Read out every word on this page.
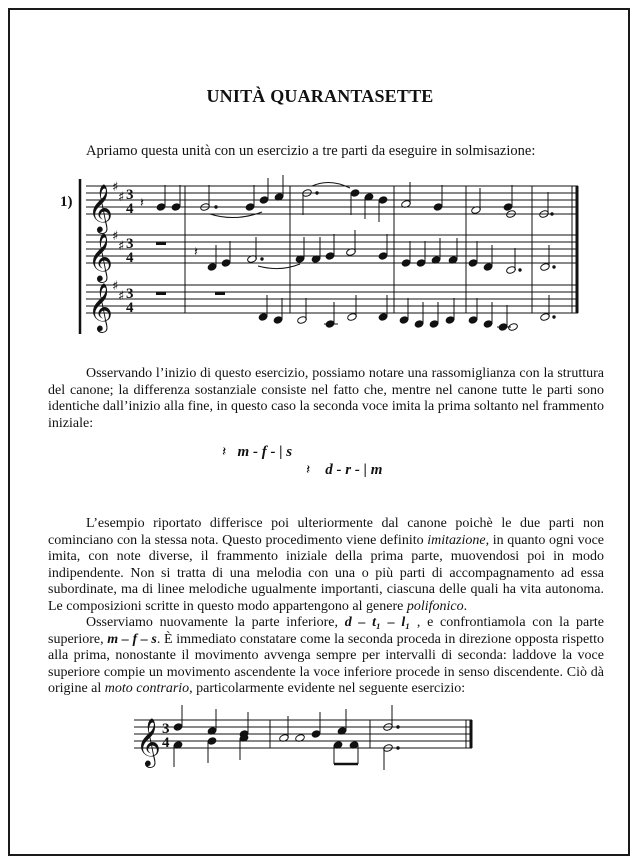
UNITÀ QUARANTASETTE
Apriamo questa unità con un esercizio a tre parti da eseguire in solmisazione:
1) 𝄞
𝄞
𝄞
♯
♯
♯
♯
♯
♯
3
4
3
4
3
4
𝄽
𝄽
𝄞 3
4

Osservando l’inizio di questo esercizio, possiamo notare una rassomiglianza con la struttura del canone; la differenza sostanziale consiste nel fatto che, mentre nel canone tutte le parti sono identiche dall’inizio alla fine, in questo caso la seconda voce imita la prima soltanto nel frammento iniziale:

𝄽 m - f - | s
𝄽 d - r - | m

L’esempio riportato differisce poi ulteriormente dal canone poichè le due parti non cominciano con la stessa nota. Questo procedimento viene definito imitazione, in quanto ogni voce imita, con note diverse, il frammento iniziale della prima parte, muovendosi poi in modo indipendente. Non si tratta di una melodia con una o più parti di accompagnamento ad essa subordinate, ma di linee melodiche ugualmente importanti, ciascuna delle quali ha vita autonoma. Le composizioni scritte in questo modo appartengono al genere polifonico.

Osserviamo nuovamente la parte inferiore, d – t₁ – l₁ , e confrontiamola con la parte superiore, m – f – s. È immediato constatare come la seconda proceda in direzione opposta rispetto alla prima, nonostante il movimento avvenga sempre per intervalli di seconda: laddove la voce superiore compie un movimento ascendente la voce inferiore procede in senso discendente. Ciò dà origine al moto contrario, particolarmente evidente nel seguente esercizio:
